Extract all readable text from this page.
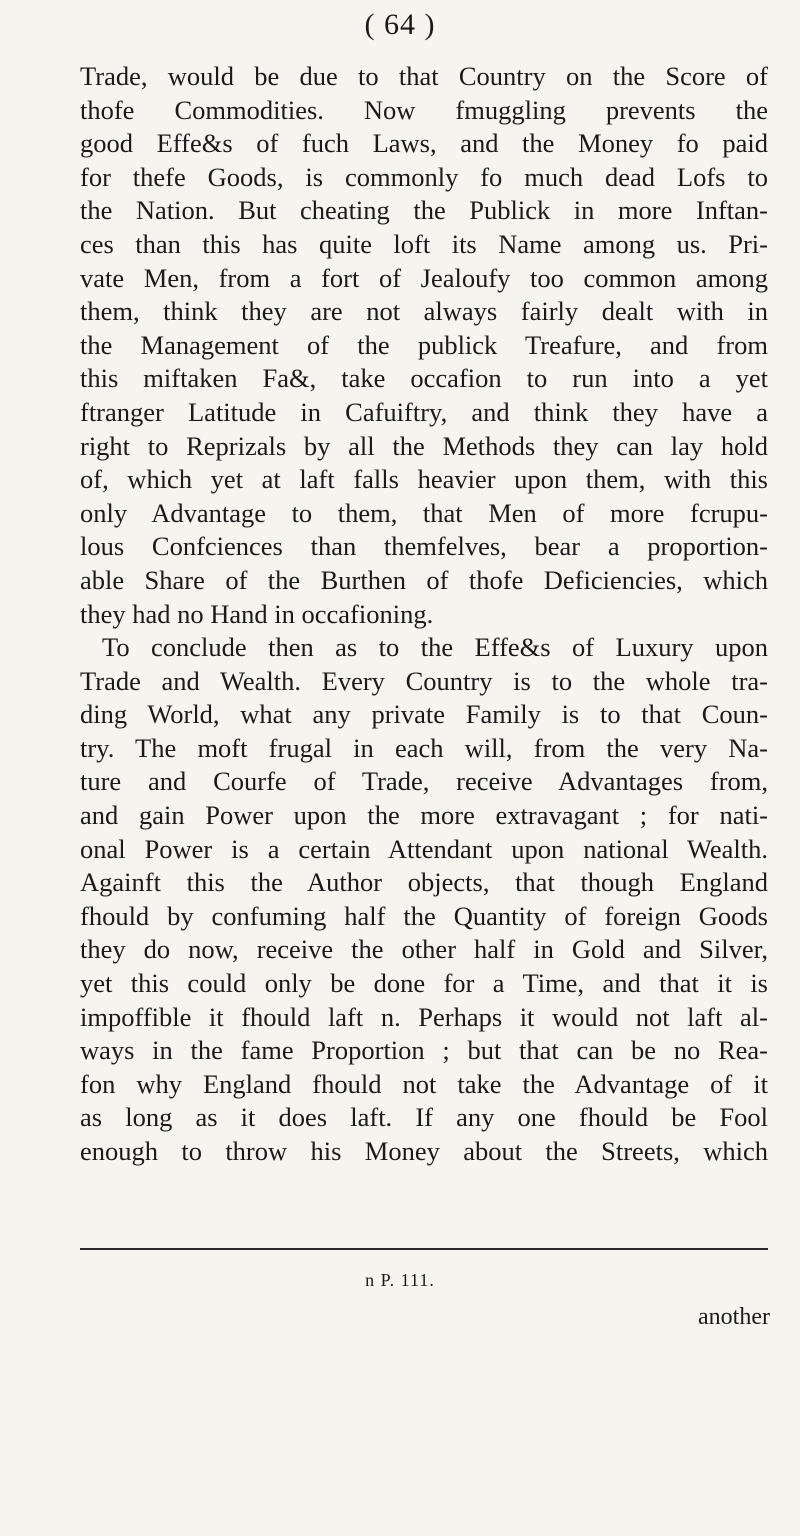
( 64 )
Trade, would be due to that Country on the Score of
thofe Commodities. Now fmuggling prevents the
good Effe&s of fuch Laws, and the Money fo paid
for thefe Goods, is commonly fo much dead Lofs to
the Nation. But cheating the Publick in more Inftan-
ces than this has quite loft its Name among us. Pri-
vate Men, from a fort of Jealoufy too common among
them, think they are not always fairly dealt with in
the Management of the publick Treafure, and from
this miftaken Fa&, take occafion to run into a yet
ftranger Latitude in Cafuiftry, and think they have a
right to Reprizals by all the Methods they can lay hold
of, which yet at laft falls heavier upon them, with this
only Advantage to them, that Men of more fcrupu-
lous Confciences than themfelves, bear a proportion-
able Share of the Burthen of thofe Deficiencies, which
they had no Hand in occafioning.
To conclude then as to the Effe&s of Luxury upon
Trade and Wealth. Every Country is to the whole tra-
ding World, what any private Family is to that Coun-
try. The moft frugal in each will, from the very Na-
ture and Courfe of Trade, receive Advantages from,
and gain Power upon the more extravagant ; for nati-
onal Power is a certain Attendant upon national Wealth.
Againft this the Author objects, that though England
fhould by confuming half the Quantity of foreign Goods
they do now, receive the other half in Gold and Silver,
yet this could only be done for a Time, and that it is
impoffible it fhould laft n. Perhaps it would not laft al-
ways in the fame Proportion ; but that can be no Rea-
fon why England fhould not take the Advantage of it
as long as it does laft. If any one fhould be Fool
enough to throw his Money about the Streets, which
n P. 111.
another
